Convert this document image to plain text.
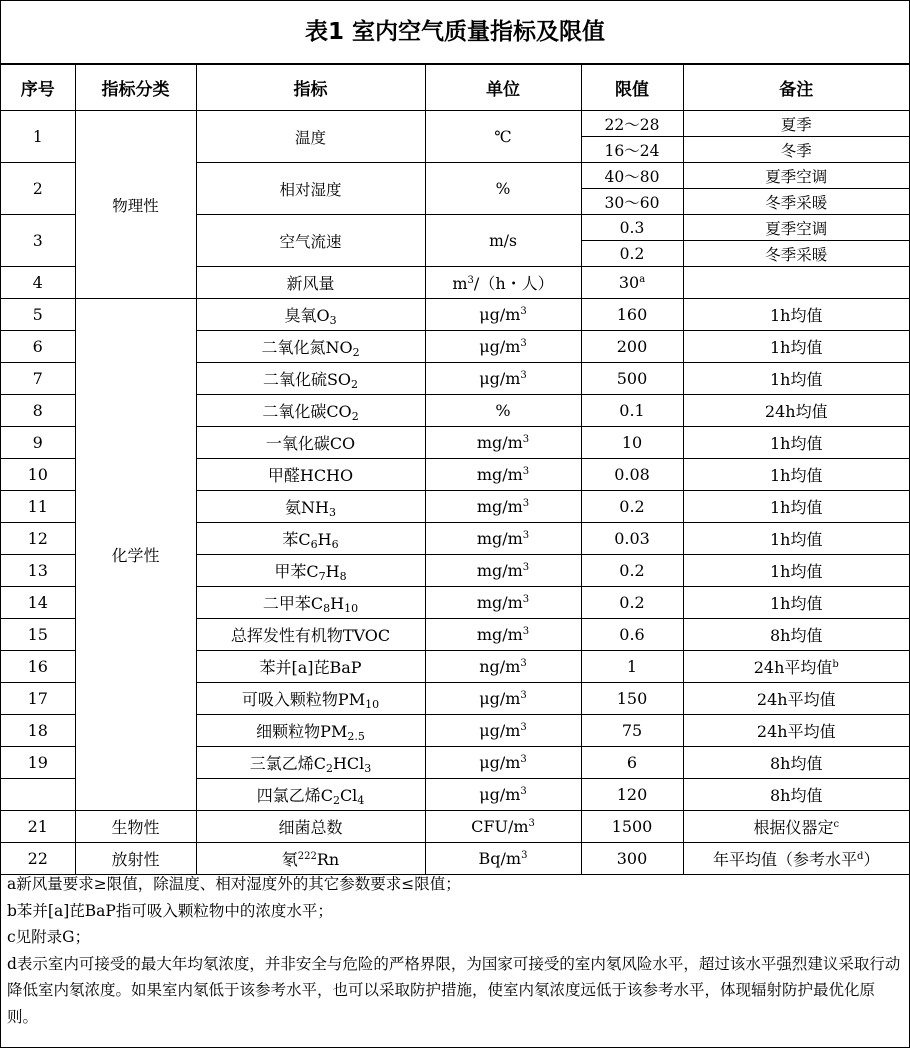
表1 室内空气质量指标及限值
序号	指标分类	指标	单位	限值	备注
1	物理性	温度	℃	22～28	夏季
				16～24	冬季
2		相对湿度	%	40～80	夏季空调
				30～60	冬季采暖
3		空气流速	m/s	0.3	夏季空调
				0.2	冬季采暖
4		新风量	$m^3/(h$・人）	30$^a$	
5	化学性	臭氧$O_3$	$\mu g/m^3$	160	1h均值
6		二氧化氮$NO_2$	$\mu g/m^3$	200	1h均值
7		二氧化硫$SO_2$	$\mu g/m^3$	500	1h均值
8		二氧化碳$CO_2$	%	0.1	24h均值
9		一氧化碳CO	$mg/m^3$	10	1h均值
10		甲醛HCHO	$mg/m^3$	0.08	1h均值
11		氨$NH_3$	$mg/m^3$	0.2	1h均值
12		苯$C_6H_6$	$mg/m^3$	0.03	1h均值
13		甲苯$C_7H_8$	$mg/m^3$	0.2	1h均值
14		二甲苯$C_8H_{10}$	$mg/m^3$	0.2	1h均值
15		总挥发性有机物TVOC	$mg/m^3$	0.6	8h均值
16		苯并[a]芘BaP	$ng/m^3$	1	24h平均值$^b$
17		可吸入颗粒物$PM_{10}$	$\mu g/m^3$	150	24h平均值
18		细颗粒物$PM_{2.5}$	$\mu g/m^3$	75	24h平均值
19		三氯乙烯$C_2HCl_3$	$\mu g/m^3$	6	8h均值
		四氯乙烯$C_2Cl_4$	$\mu g/m^3$	120	8h均值
21	生物性	细菌总数	CFU/$m^3$	1500	根据仪器定$^c$
22	放射性	氡$^{222}$Rn	$Bq/m^3$	300	年平均值（参考水平$^d$）

a新风量要求≥限值，除温度、相对湿度外的其它参数要求≤限值；

b苯并[a]芘BaP指可吸入颗粒物中的浓度水平；

c见附录G；

d表示室内可接受的最大年均氡浓度，并非安全与危险的严格界限，为国家可接受的室内氡风险水平，超过该水平强烈建议采取行动降低室内氡浓度。如果室内氡低于该参考水平，也可以采取防护措施，使室内氡浓度远低于该参考水平，体现辐射防护最优化原则。
